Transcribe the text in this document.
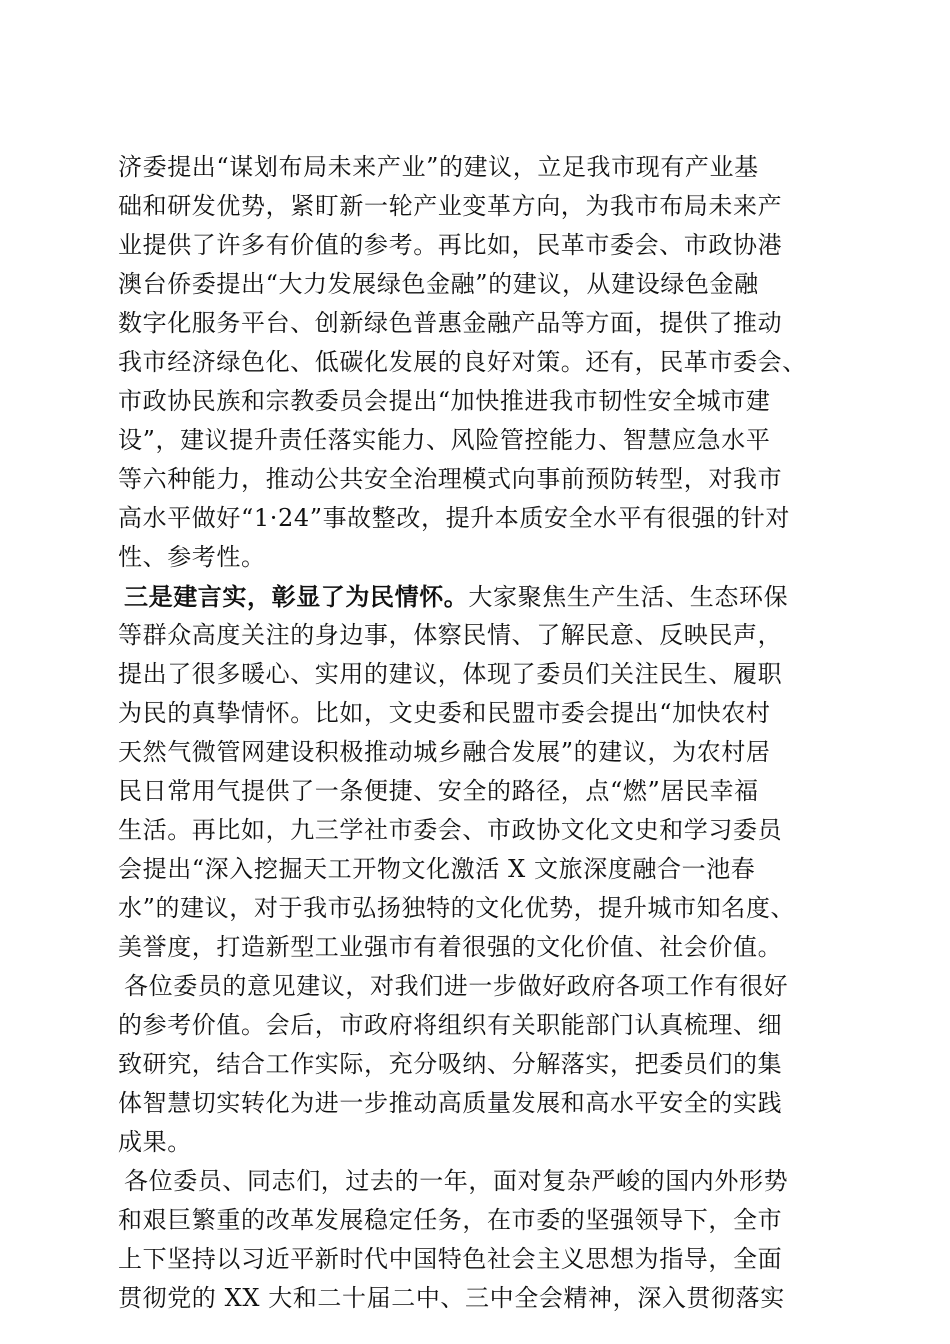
济委提出“谋划布局未来产业”的建议，立足我市现有产业基
础和研发优势，紧盯新一轮产业变革方向，为我市布局未来产
业提供了许多有价值的参考。再比如，民革市委会、市政协港
澳台侨委提出“大力发展绿色金融”的建议，从建设绿色金融
数字化服务平台、创新绿色普惠金融产品等方面，提供了推动
我市经济绿色化、低碳化发展的良好对策。还有，民革市委会、
市政协民族和宗教委员会提出“加快推进我市韧性安全城市建
设”，建议提升责任落实能力、风险管控能力、智慧应急水平
等六种能力，推动公共安全治理模式向事前预防转型，对我市
高水平做好“1·24”事故整改，提升本质安全水平有很强的针对
性、参考性。
三是建言实，彰显了为民情怀。大家聚焦生产生活、生态环保
等群众高度关注的身边事，体察民情、了解民意、反映民声，
提出了很多暖心、实用的建议，体现了委员们关注民生、履职
为民的真挚情怀。比如，文史委和民盟市委会提出“加快农村
天然气微管网建设积极推动城乡融合发展”的建议，为农村居
民日常用气提供了一条便捷、安全的路径，点“燃”居民幸福
生活。再比如，九三学社市委会、市政协文化文史和学习委员
会提出“深入挖掘天工开物文化激活 X 文旅深度融合一池春
水”的建议，对于我市弘扬独特的文化优势，提升城市知名度、
美誉度，打造新型工业强市有着很强的文化价值、社会价值。
各位委员的意见建议，对我们进一步做好政府各项工作有很好
的参考价值。会后，市政府将组织有关职能部门认真梳理、细
致研究，结合工作实际，充分吸纳、分解落实，把委员们的集
体智慧切实转化为进一步推动高质量发展和高水平安全的实践
成果。
各位委员、同志们，过去的一年，面对复杂严峻的国内外形势
和艰巨繁重的改革发展稳定任务，在市委的坚强领导下，全市
上下坚持以习近平新时代中国特色社会主义思想为指导，全面
贯彻党的 XX 大和二十届二中、三中全会精神，深入贯彻落实
